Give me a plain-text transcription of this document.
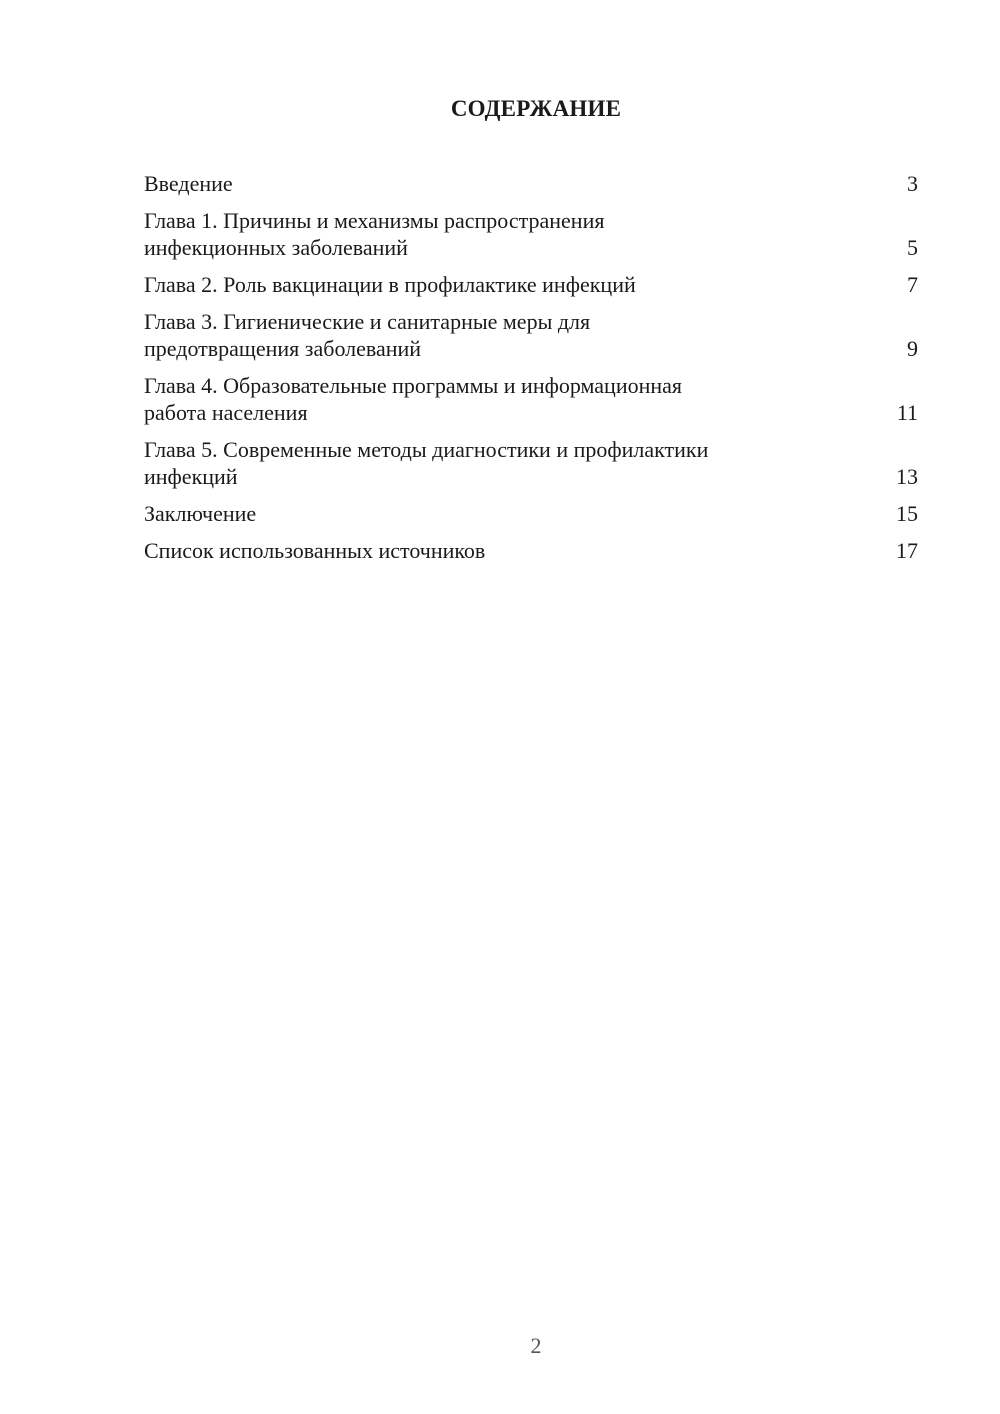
СОДЕРЖАНИЕ
Введение	3
Глава 1. Причины и механизмы распространения
инфекционных заболеваний	5
Глава 2. Роль вакцинации в профилактике инфекций	7
Глава 3. Гигиенические и санитарные меры для
предотвращения заболеваний	9
Глава 4. Образовательные программы и информационная
работа населения	11
Глава 5. Современные методы диагностики и профилактики
инфекций	13
Заключение	15
Список использованных источников	17
2
